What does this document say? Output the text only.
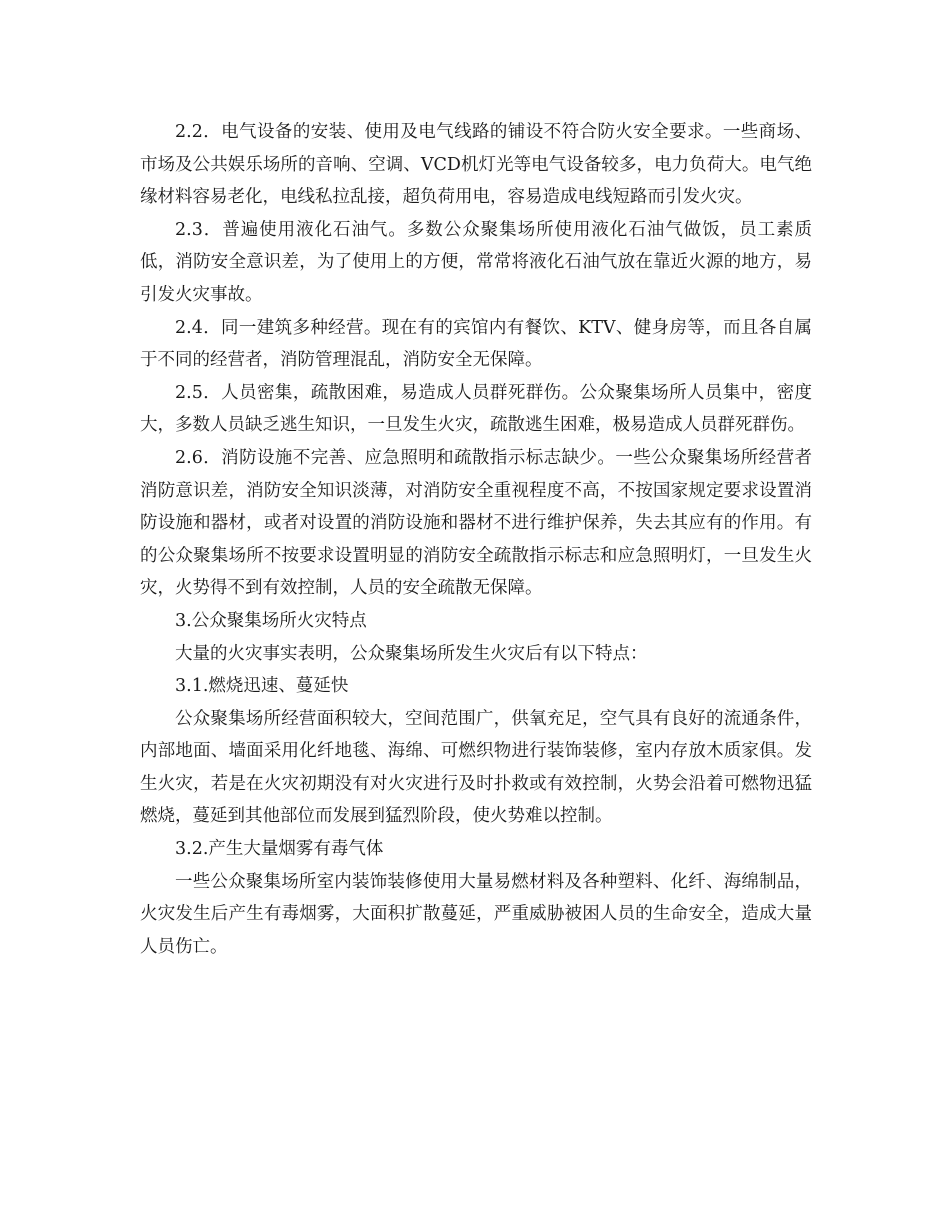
2.2．电气设备的安装、使用及电气线路的铺设不符合防火安全要求。一些商场、市场及公共娱乐场所的音响、空调、VCD机灯光等电气设备较多，电力负荷大。电气绝缘材料容易老化，电线私拉乱接，超负荷用电，容易造成电线短路而引发火灾。

2.3．普遍使用液化石油气。多数公众聚集场所使用液化石油气做饭，员工素质低，消防安全意识差，为了使用上的方便，常常将液化石油气放在靠近火源的地方，易引发火灾事故。

2.4．同一建筑多种经营。现在有的宾馆内有餐饮、KTV、健身房等，而且各自属于不同的经营者，消防管理混乱，消防安全无保障。

2.5．人员密集，疏散困难，易造成人员群死群伤。公众聚集场所人员集中，密度大，多数人员缺乏逃生知识，一旦发生火灾，疏散逃生困难，极易造成人员群死群伤。

2.6．消防设施不完善、应急照明和疏散指示标志缺少。一些公众聚集场所经营者消防意识差，消防安全知识淡薄，对消防安全重视程度不高，不按国家规定要求设置消防设施和器材，或者对设置的消防设施和器材不进行维护保养，失去其应有的作用。有的公众聚集场所不按要求设置明显的消防安全疏散指示标志和应急照明灯，一旦发生火灾，火势得不到有效控制，人员的安全疏散无保障。

3.公众聚集场所火灾特点

大量的火灾事实表明，公众聚集场所发生火灾后有以下特点：

3.1.燃烧迅速、蔓延快

公众聚集场所经营面积较大，空间范围广，供氧充足，空气具有良好的流通条件，内部地面、墙面采用化纤地毯、海绵、可燃织物进行装饰装修，室内存放木质家俱。发生火灾，若是在火灾初期没有对火灾进行及时扑救或有效控制，火势会沿着可燃物迅猛燃烧，蔓延到其他部位而发展到猛烈阶段，使火势难以控制。

3.2.产生大量烟雾有毒气体

一些公众聚集场所室内装饰装修使用大量易燃材料及各种塑料、化纤、海绵制品，火灾发生后产生有毒烟雾，大面积扩散蔓延，严重威胁被困人员的生命安全，造成大量人员伤亡。
